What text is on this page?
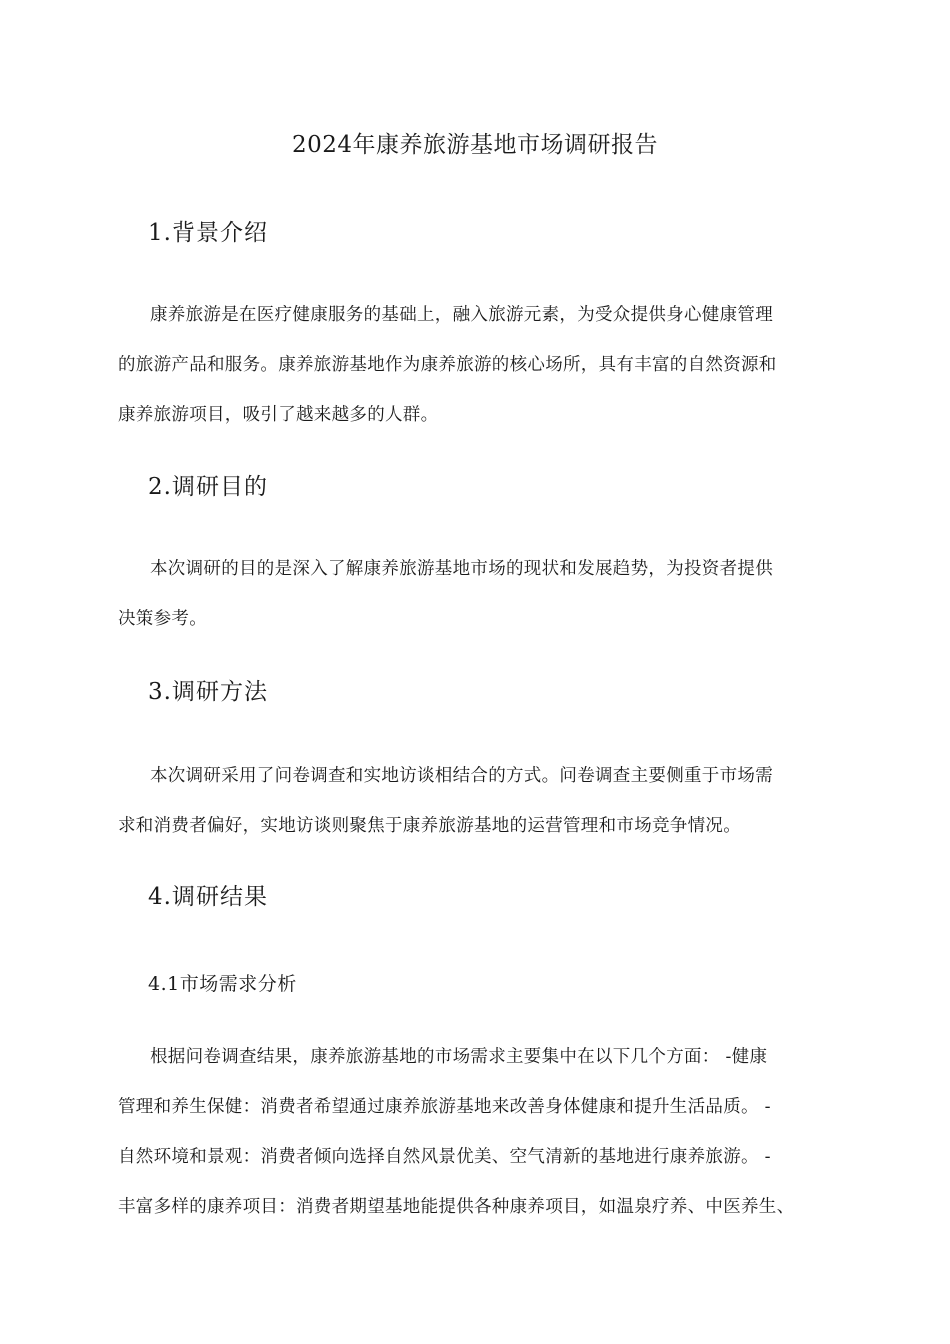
2024年康养旅游基地市场调研报告
1.背景介绍
康养旅游是在医疗健康服务的基础上，融入旅游元素，为受众提供身心健康管理
的旅游产品和服务。康养旅游基地作为康养旅游的核心场所，具有丰富的自然资源和
康养旅游项目，吸引了越来越多的人群。
2.调研目的
本次调研的目的是深入了解康养旅游基地市场的现状和发展趋势，为投资者提供
决策参考。
3.调研方法
本次调研采用了问卷调查和实地访谈相结合的方式。问卷调查主要侧重于市场需
求和消费者偏好，实地访谈则聚焦于康养旅游基地的运营管理和市场竞争情况。
4.调研结果
4.1市场需求分析
根据问卷调查结果，康养旅游基地的市场需求主要集中在以下几个方面： -健康
管理和养生保健：消费者希望通过康养旅游基地来改善身体健康和提升生活品质。 -
自然环境和景观：消费者倾向选择自然风景优美、空气清新的基地进行康养旅游。 -
丰富多样的康养项目：消费者期望基地能提供各种康养项目，如温泉疗养、中医养生、
